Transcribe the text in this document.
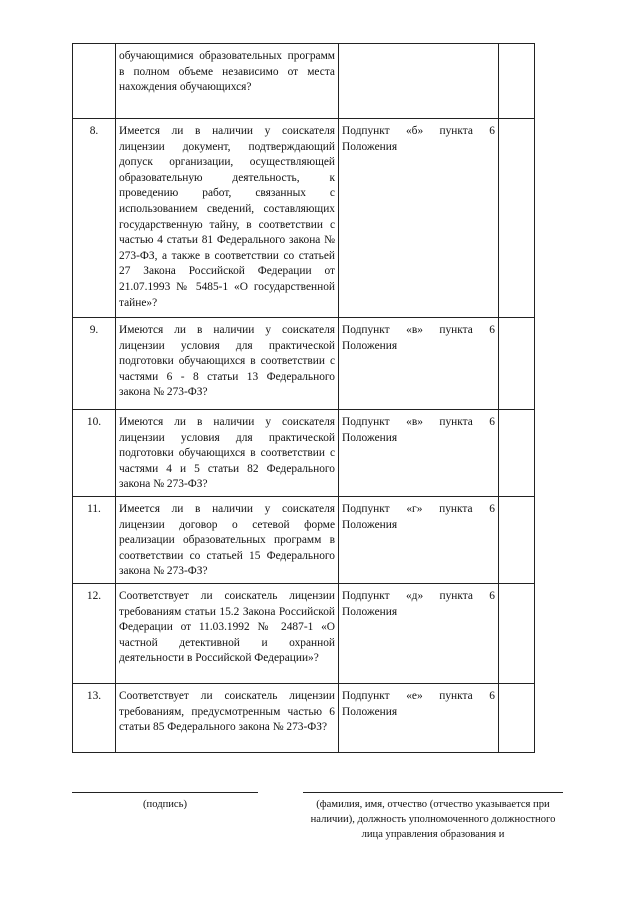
	обучающимися образовательных программ в полном объеме независимо от места нахождения обучающихся?		
8.	Имеется ли в наличии у соискателя лицензии документ, подтверждающий допуск организации, осуществляющей образовательную деятельность, к проведению работ, связанных с использованием сведений, составляющих государственную тайну, в соответствии с частью 4 статьи 81 Федерального закона № 273-ФЗ, а также в соответствии со статьей 27 Закона Российской Федерации от 21.07.1993 № 5485-1 «О государственной тайне»?	Подпункт «б» пункта 6 Положения	
9.	Имеются ли в наличии у соискателя лицензии условия для практической подготовки обучающихся в соответствии с частями 6 - 8 статьи 13 Федерального закона № 273-ФЗ?	Подпункт «в» пункта 6 Положения	
10.	Имеются ли в наличии у соискателя лицензии условия для практической подготовки обучающихся в соответствии с частями 4 и 5 статьи 82 Федерального закона № 273-ФЗ?	Подпункт «в» пункта 6 Положения	
11.	Имеется ли в наличии у соискателя лицензии договор о сетевой форме реализации образовательных программ в соответствии со статьей 15 Федерального закона № 273-ФЗ?	Подпункт «г» пункта 6 Положения	
12.	Соответствует ли соискатель лицензии требованиям статьи 15.2 Закона Российской Федерации от 11.03.1992 № 2487-1 «О частной детективной и охранной деятельности в Российской Федерации»?	Подпункт «д» пункта 6 Положения	
13.	Соответствует ли соискатель лицензии требованиям, предусмотренным частью 6 статьи 85 Федерального закона № 273-ФЗ?	Подпункт «е» пункта 6 Положения	
(подпись)	(фамилия, имя, отчество (отчество указывается при наличии), должность уполномоченного должностного лица управления образования и
